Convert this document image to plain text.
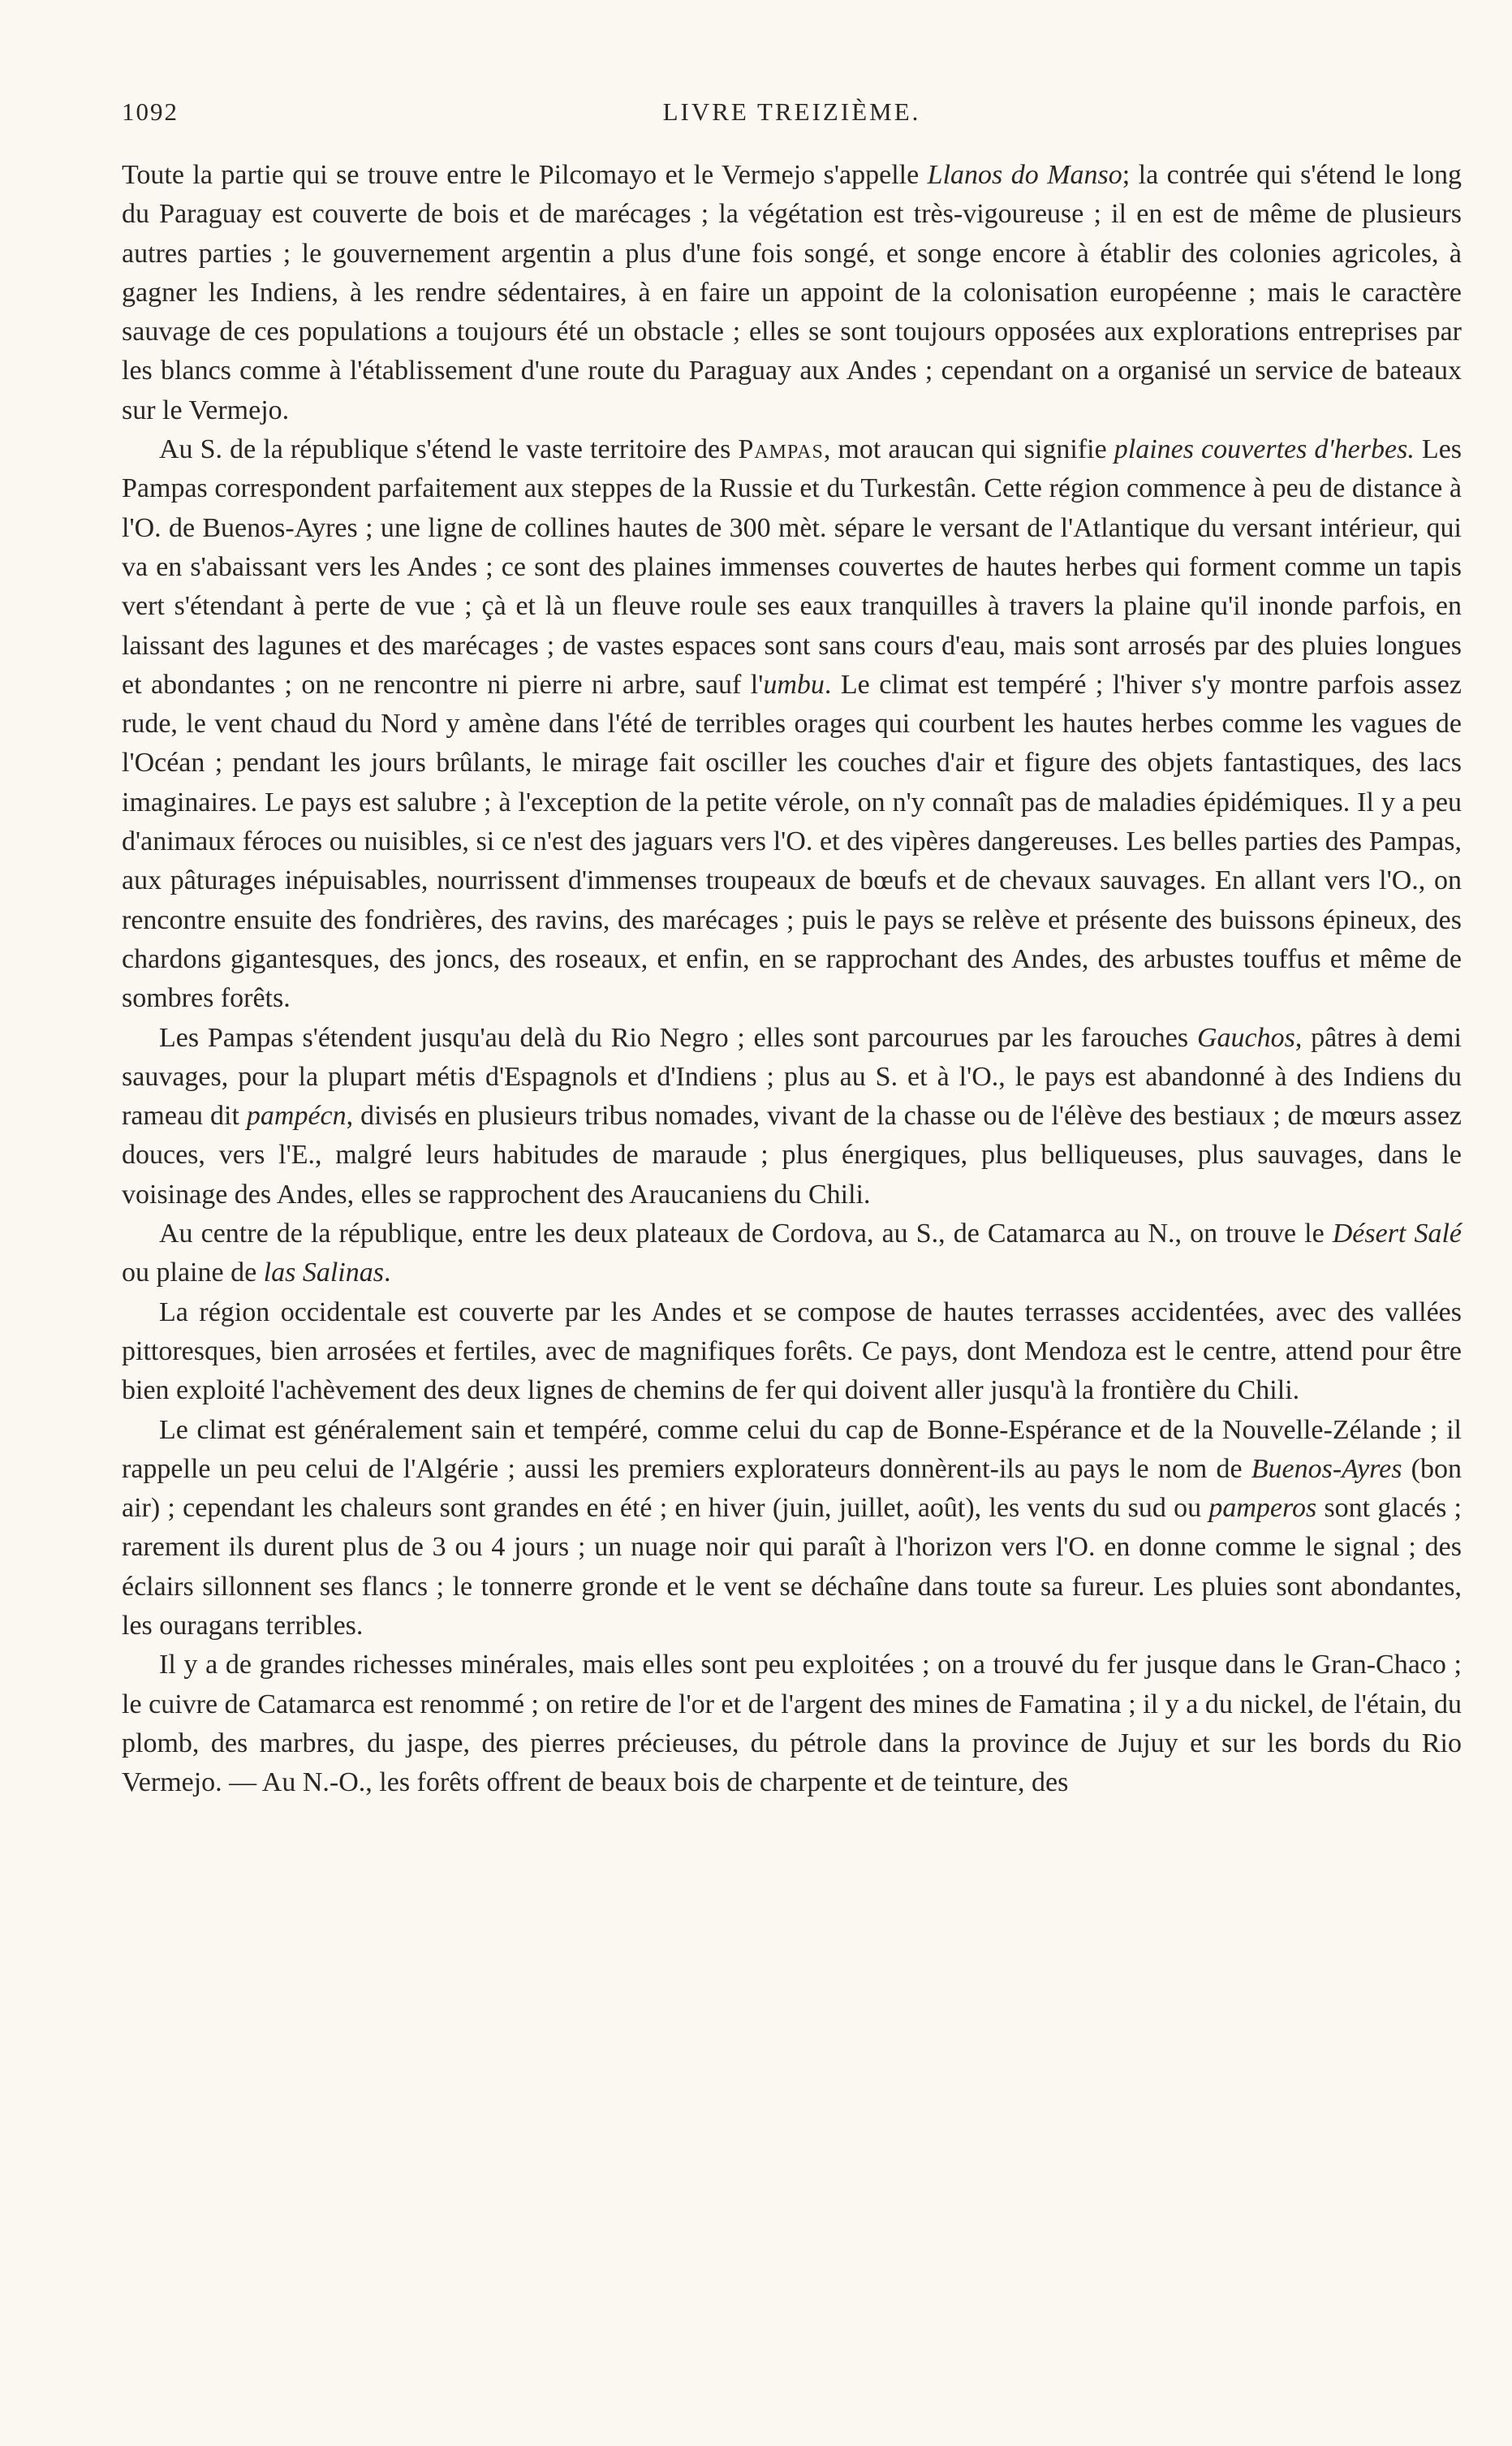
1092	LIVRE TREIZIÈME.

Toute la partie qui se trouve entre le Pilcomayo et le Vermejo s'appelle Llanos do Manso; la contrée qui s'étend le long du Paraguay est couverte de bois et de marécages ; la végétation est très-vigoureuse ; il en est de même de plusieurs autres parties ; le gouvernement argentin a plus d'une fois songé, et songe encore à établir des colonies agricoles, à gagner les Indiens, à les rendre sédentaires, à en faire un appoint de la colonisation européenne ; mais le caractère sauvage de ces populations a toujours été un obstacle ; elles se sont toujours opposées aux explorations entreprises par les blancs comme à l'établissement d'une route du Paraguay aux Andes ; cependant on a organisé un service de bateaux sur le Vermejo.

Au S. de la république s'étend le vaste territoire des Pampas, mot araucan qui signifie plaines couvertes d'herbes. Les Pampas correspondent parfaitement aux steppes de la Russie et du Turkestân. Cette région commence à peu de distance à l'O. de Buenos-Ayres ; une ligne de collines hautes de 300 mèt. sépare le versant de l'Atlantique du versant intérieur, qui va en s'abaissant vers les Andes ; ce sont des plaines immenses couvertes de hautes herbes qui forment comme un tapis vert s'étendant à perte de vue ; çà et là un fleuve roule ses eaux tranquilles à travers la plaine qu'il inonde parfois, en laissant des lagunes et des marécages ; de vastes espaces sont sans cours d'eau, mais sont arrosés par des pluies longues et abondantes ; on ne rencontre ni pierre ni arbre, sauf l'umbu. Le climat est tempéré ; l'hiver s'y montre parfois assez rude, le vent chaud du Nord y amène dans l'été de terribles orages qui courbent les hautes herbes comme les vagues de l'Océan ; pendant les jours brûlants, le mirage fait osciller les couches d'air et figure des objets fantastiques, des lacs imaginaires. Le pays est salubre ; à l'exception de la petite vérole, on n'y connaît pas de maladies épidémiques. Il y a peu d'animaux féroces ou nuisibles, si ce n'est des jaguars vers l'O. et des vipères dangereuses. Les belles parties des Pampas, aux pâturages inépuisables, nourrissent d'immenses troupeaux de bœufs et de chevaux sauvages. En allant vers l'O., on rencontre ensuite des fondrières, des ravins, des marécages ; puis le pays se relève et présente des buissons épineux, des chardons gigantesques, des joncs, des roseaux, et enfin, en se rapprochant des Andes, des arbustes touffus et même de sombres forêts.

Les Pampas s'étendent jusqu'au delà du Rio Negro ; elles sont parcourues par les farouches Gauchos, pâtres à demi sauvages, pour la plupart métis d'Espagnols et d'Indiens ; plus au S. et à l'O., le pays est abandonné à des Indiens du rameau dit pampécn, divisés en plusieurs tribus nomades, vivant de la chasse ou de l'élève des bestiaux ; de mœurs assez douces, vers l'E., malgré leurs habitudes de maraude ; plus énergiques, plus belliqueuses, plus sauvages, dans le voisinage des Andes, elles se rapprochent des Araucaniens du Chili.

Au centre de la république, entre les deux plateaux de Cordova, au S., de Catamarca au N., on trouve le Désert Salé ou plaine de las Salinas.

La région occidentale est couverte par les Andes et se compose de hautes terrasses accidentées, avec des vallées pittoresques, bien arrosées et fertiles, avec de magnifiques forêts. Ce pays, dont Mendoza est le centre, attend pour être bien exploité l'achèvement des deux lignes de chemins de fer qui doivent aller jusqu'à la frontière du Chili.

Le climat est généralement sain et tempéré, comme celui du cap de Bonne-Espérance et de la Nouvelle-Zélande ; il rappelle un peu celui de l'Algérie ; aussi les premiers explorateurs donnèrent-ils au pays le nom de Buenos-Ayres (bon air) ; cependant les chaleurs sont grandes en été ; en hiver (juin, juillet, août), les vents du sud ou pamperos sont glacés ; rarement ils durent plus de 3 ou 4 jours ; un nuage noir qui paraît à l'horizon vers l'O. en donne comme le signal ; des éclairs sillonnent ses flancs ; le tonnerre gronde et le vent se déchaîne dans toute sa fureur. Les pluies sont abondantes, les ouragans terribles.

Il y a de grandes richesses minérales, mais elles sont peu exploitées ; on a trouvé du fer jusque dans le Gran-Chaco ; le cuivre de Catamarca est renommé ; on retire de l'or et de l'argent des mines de Famatina ; il y a du nickel, de l'étain, du plomb, des marbres, du jaspe, des pierres précieuses, du pétrole dans la province de Jujuy et sur les bords du Rio Vermejo. — Au N.-O., les forêts offrent de beaux bois de charpente et de teinture, des
